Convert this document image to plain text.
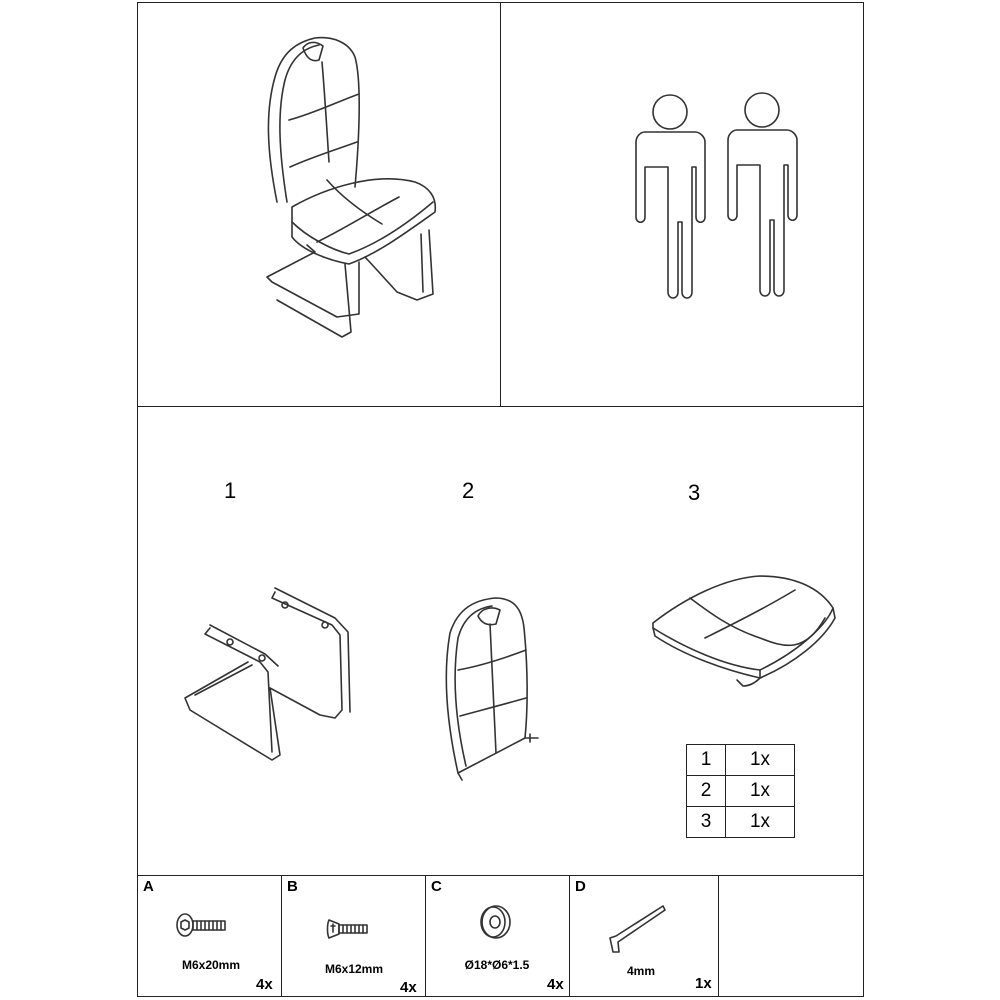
1	2	3
1	1x
2	1x
3	1x
A
M6x20mm
4x
B
M6x12mm
4x
C
Ø18*Ø6*1.5
4x
D
4mm
1x
